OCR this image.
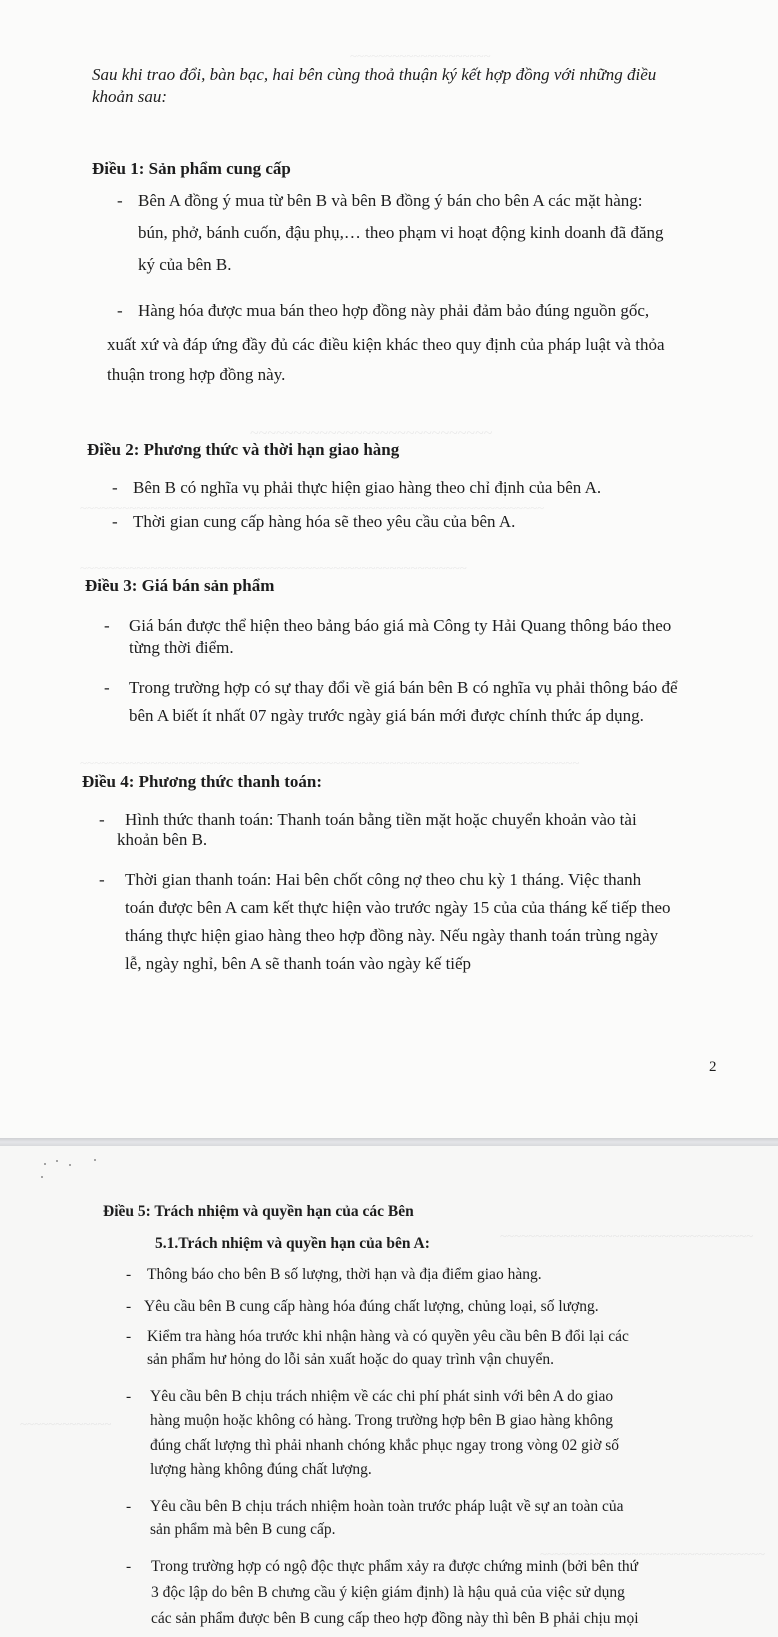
~~~~~~~~~~~~~~~~~~~~
~~~~~~~~~~~~~~~~~~~~~~~~~~~~
~~~~~~~~~~~~~~~~~~~~~~~~~~~~~~~~~~~~~~~~~~~~~~~~~~~~~~~~~~~~~~~~~~
~~~~~~~~~~~~~~~~~~~~~~~~~~~~~~~~~~~~~~~~~~~~~~~~~~~~~~~
~~~~~~~~~~~~~~~~~~~~~~~~~~~~~~~~~~~~~~~~~~~~~~~~~~~~~~~~~~~~~~~~~~~~~~~

Sau khi trao đổi, bàn bạc, hai bên cùng thoả thuận ký kết hợp đồng với những điều

khoản sau:

Điều 1: Sản phẩm cung cấp

- Bên A đồng ý mua từ bên B và bên B đồng ý bán cho bên A các mặt hàng:

bún, phở, bánh cuốn, đậu phụ,… theo phạm vi hoạt động kinh doanh đã đăng

ký của bên B.

- Hàng hóa được mua bán theo hợp đồng này phải đảm bảo đúng nguồn gốc,

xuất xứ và đáp ứng đầy đủ các điều kiện khác theo quy định của pháp luật và thỏa

thuận trong hợp đồng này.

Điều 2: Phương thức và thời hạn giao hàng

- Bên B có nghĩa vụ phải thực hiện giao hàng theo chỉ định của bên A.

- Thời gian cung cấp hàng hóa sẽ theo yêu cầu của bên A.

Điều 3: Giá bán sản phẩm

- Giá bán được thể hiện theo bảng báo giá mà Công ty Hải Quang thông báo theo

từng thời điểm.

- Trong trường hợp có sự thay đổi về giá bán bên B có nghĩa vụ phải thông báo để

bên A biết ít nhất 07 ngày trước ngày giá bán mới được chính thức áp dụng.

Điều 4: Phương thức thanh toán:

- Hình thức thanh toán: Thanh toán bằng tiền mặt hoặc chuyển khoản vào tài

khoản bên B.

- Thời gian thanh toán: Hai bên chốt công nợ theo chu kỳ 1 tháng. Việc thanh

toán được bên A cam kết thực hiện vào trước ngày 15 của của tháng kế tiếp theo

tháng thực hiện giao hàng theo hợp đồng này. Nếu ngày thanh toán trùng ngày

lễ, ngày nghỉ, bên A sẽ thanh toán vào ngày kế tiếp

2
~~~~~~~~~~~~~~~~~~~~~~~~~~~~~~~~~~~~
~~~~~~~~~~~~~
~~~~~~~~~~~~~~~~~~~~~~~~~~~~~~~~

Điều 5: Trách nhiệm và quyền hạn của các Bên

5.1.Trách nhiệm và quyền hạn của bên A:

- Thông báo cho bên B số lượng, thời hạn và địa điểm giao hàng.

- Yêu cầu bên B cung cấp hàng hóa đúng chất lượng, chủng loại, số lượng.

- Kiểm tra hàng hóa trước khi nhận hàng và có quyền yêu cầu bên B đổi lại các

sản phẩm hư hỏng do lỗi sản xuất hoặc do quay trình vận chuyển.

- Yêu cầu bên B chịu trách nhiệm về các chi phí phát sinh với bên A do giao

hàng muộn hoặc không có hàng. Trong trường hợp bên B giao hàng không

đúng chất lượng thì phải nhanh chóng khắc phục ngay trong vòng 02 giờ số

lượng hàng không đúng chất lượng.

- Yêu cầu bên B chịu trách nhiệm hoàn toàn trước pháp luật về sự an toàn của

sản phẩm mà bên B cung cấp.

- Trong trường hợp có ngộ độc thực phẩm xảy ra được chứng minh (bởi bên thứ

3 độc lập do bên B chưng cầu ý kiện giám định) là hậu quả của việc sử dụng

các sản phẩm được bên B cung cấp theo hợp đồng này thì bên B phải chịu mọi
